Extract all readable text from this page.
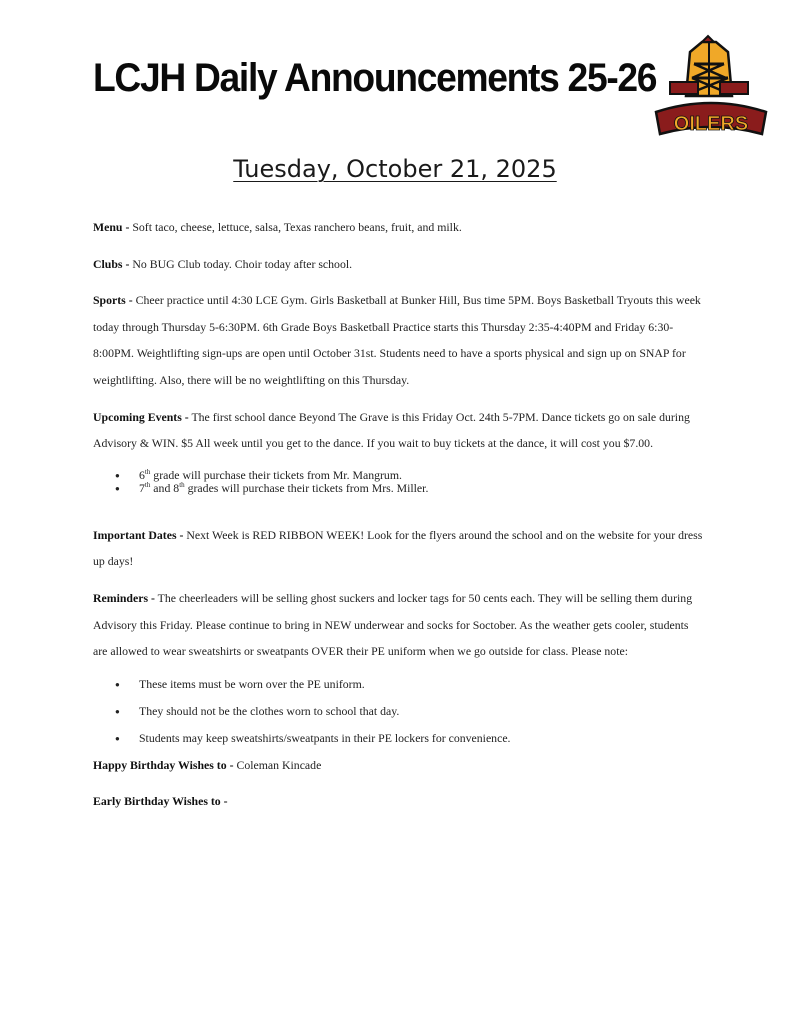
LCJH Daily Announcements 25-26
OILERS
Tuesday, October 21, 2025

Menu - Soft taco, cheese, lettuce, salsa, Texas ranchero beans, fruit, and milk.

Clubs - No BUG Club today. Choir today after school.

Sports - Cheer practice until 4:30 LCE Gym. Girls Basketball at Bunker Hill, Bus time 5PM. Boys Basketball Tryouts this week today through Thursday 5-6:30PM. 6th Grade Boys Basketball Practice starts this Thursday 2:35-4:40PM and Friday 6:30-8:00PM. Weightlifting sign-ups are open until October 31st. Students need to have a sports physical and sign up on SNAP for weightlifting. Also, there will be no weightlifting on this Thursday.

Upcoming Events - The first school dance Beyond The Grave is this Friday Oct. 24th 5-7PM. Dance tickets go on sale during Advisory & WIN. $5 All week until you get to the dance. If you wait to buy tickets at the dance, it will cost you $7.00.

● 6th grade will purchase their tickets from Mr. Mangrum.
● 7th and 8th grades will purchase their tickets from Mrs. Miller.

Important Dates - Next Week is RED RIBBON WEEK! Look for the flyers around the school and on the website for your dress up days!

Reminders - The cheerleaders will be selling ghost suckers and locker tags for 50 cents each. They will be selling them during Advisory this Friday. Please continue to bring in NEW underwear and socks for Soctober. As the weather gets cooler, students are allowed to wear sweatshirts or sweatpants OVER their PE uniform when we go outside for class. Please note:

● These items must be worn over the PE uniform.
● They should not be the clothes worn to school that day.
● Students may keep sweatshirts/sweatpants in their PE lockers for convenience.

Happy Birthday Wishes to - Coleman Kincade

Early Birthday Wishes to -
